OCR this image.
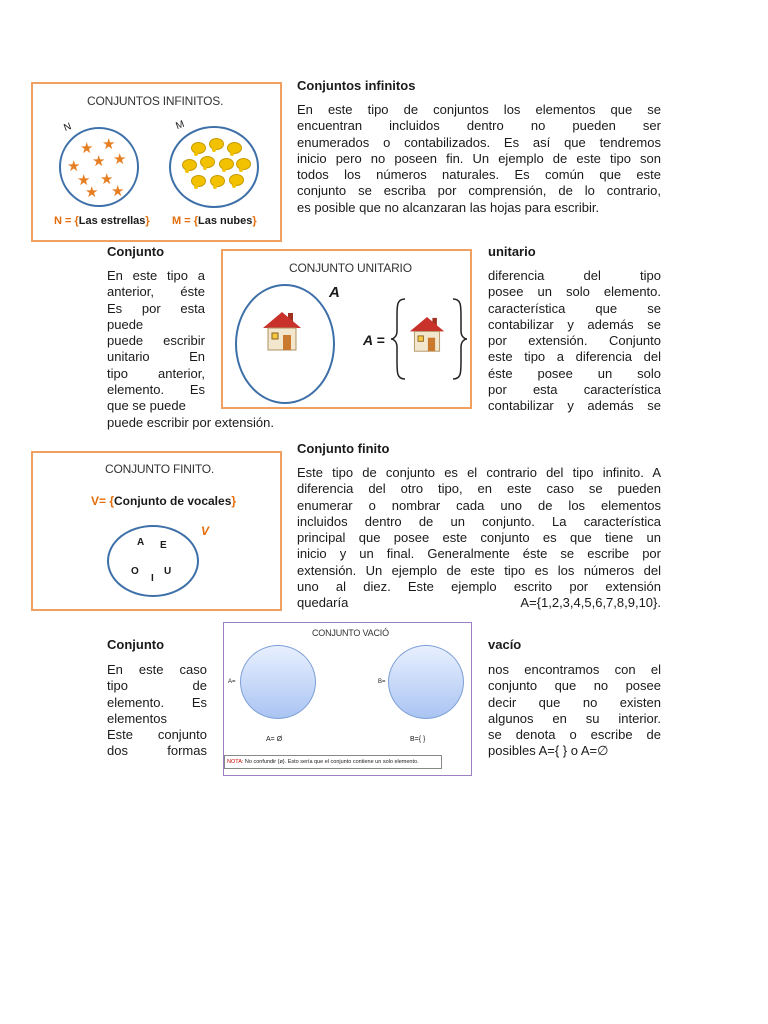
CONJUNTOS INFINITOS.
N	M
★ ★
★ ★ ★
★ ★
★ ★
N = {Las estrellas} M = {Las nubes}
Conjuntos infinitos
En este tipo de conjuntos los elementos que se
encuentran incluidos dentro no pueden ser
enumerados o contabilizados. Es así que tendremos
inicio pero no poseen fin. Un ejemplo de este tipo son
todos los números naturales. Es común que este
conjunto se escriba por comprensión, de lo contrario,
es posible que no alcanzaran las hojas para escribir.
Conjunto	unitario
En este tipo a
anterior, éste
Es por esta
puede
puede escribir
unitario En
tipo anterior,
elemento. Es
que se puede
puede escribir por extensión.
diferencia del tipo
posee un solo elemento.
característica que se
contabilizar y además se
por extensión. Conjunto
este tipo a diferencia del
éste posee un solo
por esta característica
contabilizar y además se
CONJUNTO UNITARIO
A
A =
CONJUNTO FINITO.
V= {Conjunto de vocales}
V
A E
O
I
U
Conjunto finito
Este tipo de conjunto es el contrario del tipo infinito. A
diferencia del otro tipo, en este caso se pueden
enumerar o nombrar cada uno de los elementos
incluidos dentro de un conjunto. La característica
principal que posee este conjunto es que tiene un
inicio y un final. Generalmente éste se escribe por
extensión. Un ejemplo de este tipo es los números del
uno al diez. Este ejemplo escrito por extensión
quedaría                              A={1,2,3,4,5,6,7,8,9,10}.
Conjunto	vacío
En este caso
tipo de
elemento. Es
elementos
Este conjunto
dos formas
nos encontramos con el
conjunto que no posee
decir que no existen
algunos en su interior.
se denota o escribe de
posibles A={ } o A=∅
CONJUNTO VACIÓ
A=	B=
A= Ø	B={ }
NOTA: No confundir {ø}. Esto sería que el conjunto contiene un solo elemento.
